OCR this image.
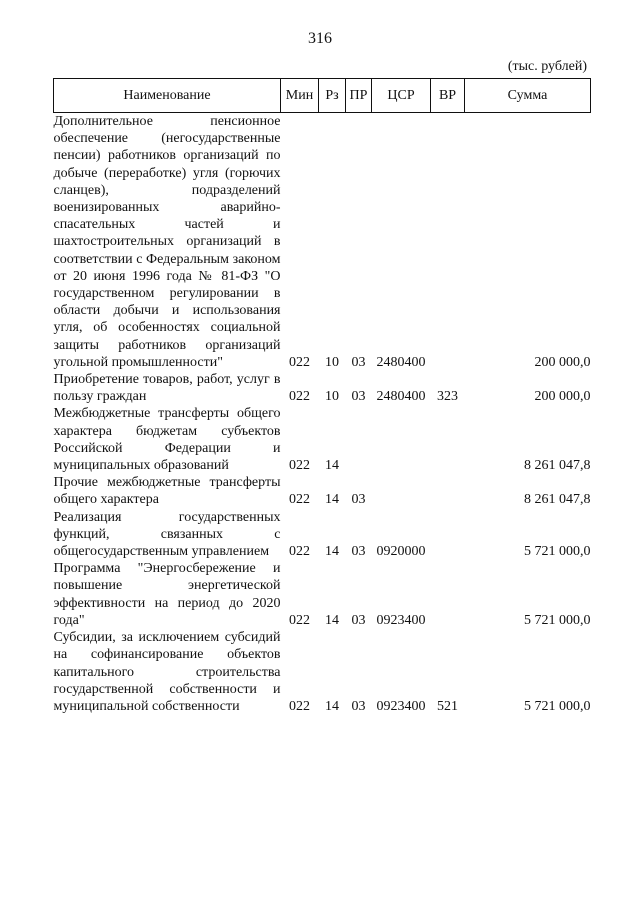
316
(тыс. рублей)
Наименование	Мин	Рз	ПР	ЦСР	ВР	Сумма

Дополнительное пенсионное обеспечение (негосударственные пенсии) работников организаций по добыче (переработке) угля (горючих сланцев), подразделений военизированных аварийно-спасательных частей и шахтостроительных организаций в соответствии с Федеральным законом от 20 июня 1996 года № 81-ФЗ "О государственном регулировании в области добычи и использования угля, об особенностях социальной защиты работников организаций угольной промышленности"	022	10	03	2480400		200 000,0

Приобретение товаров, работ, услуг в пользу граждан	022	10	03	2480400	323	200 000,0

Межбюджетные трансферты общего характера бюджетам субъектов Российской Федерации и муниципальных образований	022	14				8 261 047,8

Прочие межбюджетные трансферты общего характера	022	14	03			8 261 047,8

Реализация государственных функций, связанных с общегосударственным управлением	022	14	03	0920000		5 721 000,0

Программа "Энергосбережение и повышение энергетической эффективности на период до 2020 года"	022	14	03	0923400		5 721 000,0

Субсидии, за исключением субсидий на софинансирование объектов капитального строительства государственной собственности и муниципальной собственности	022	14	03	0923400	521	5 721 000,0
